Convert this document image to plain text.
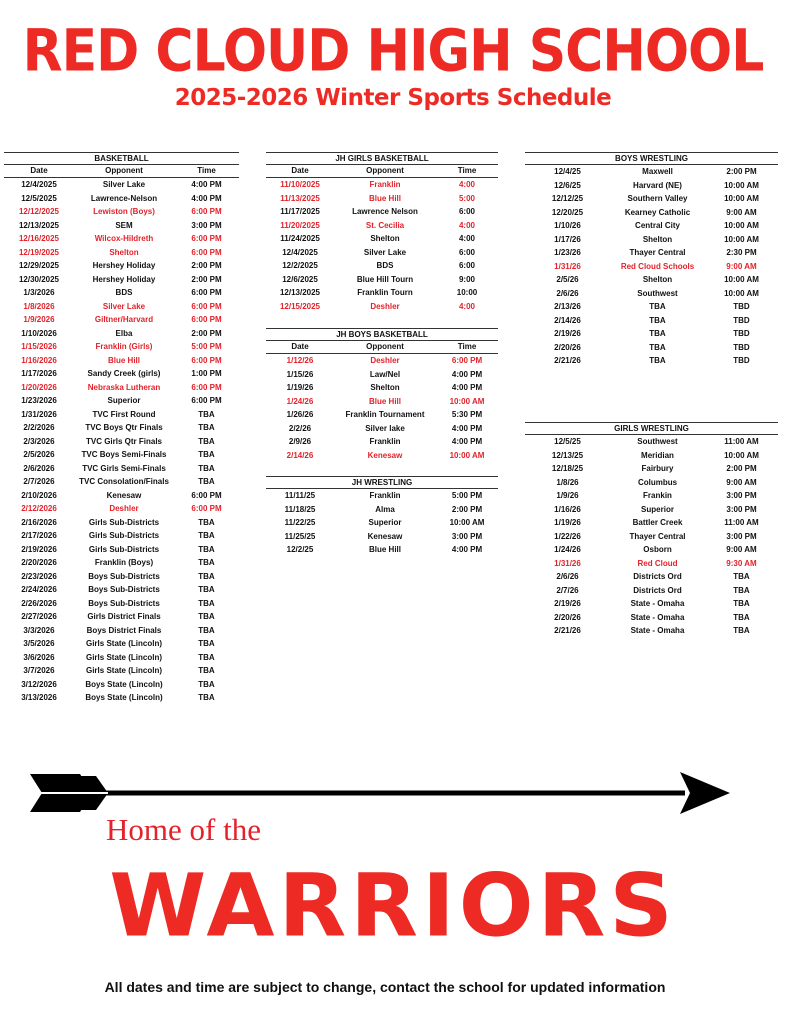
RED CLOUD HIGH SCHOOL
2025-2026 Winter Sports Schedule
BASKETBALL
Date	Opponent	Time
12/4/2025	Silver Lake	4:00 PM
12/5/2025	Lawrence-Nelson	4:00 PM
12/12/2025	Lewiston (Boys)	6:00 PM
12/13/2025	SEM	3:00 PM
12/16/2025	Wilcox-Hildreth	6:00 PM
12/19/2025	Shelton	6:00 PM
12/29/2025	Hershey Holiday	2:00 PM
12/30/2025	Hershey Holiday	2:00 PM
1/3/2026	BDS	6:00 PM
1/8/2026	Silver Lake	6:00 PM
1/9/2026	Giltner/Harvard	6:00 PM
1/10/2026	Elba	2:00 PM
1/15/2026	Franklin (Girls)	5:00 PM
1/16/2026	Blue Hill	6:00 PM
1/17/2026	Sandy Creek (girls)	1:00 PM
1/20/2026	Nebraska Lutheran	6:00 PM
1/23/2026	Superior	6:00 PM
1/31/2026	TVC First Round	TBA
2/2/2026	TVC Boys Qtr Finals	TBA
2/3/2026	TVC Girls Qtr Finals	TBA
2/5/2026	TVC Boys Semi-Finals	TBA
2/6/2026	TVC Girls Semi-Finals	TBA
2/7/2026	TVC Consolation/Finals	TBA
2/10/2026	Kenesaw	6:00 PM
2/12/2026	Deshler	6:00 PM
2/16/2026	Girls Sub-Districts	TBA
2/17/2026	Girls Sub-Districts	TBA
2/19/2026	Girls Sub-Districts	TBA
2/20/2026	Franklin (Boys)	TBA
2/23/2026	Boys Sub-Districts	TBA
2/24/2026	Boys Sub-Districts	TBA
2/26/2026	Boys Sub-Districts	TBA
2/27/2026	Girls District Finals	TBA
3/3/2026	Boys District Finals	TBA
3/5/2026	Girls State (Lincoln)	TBA
3/6/2026	Girls State (Lincoln)	TBA
3/7/2026	Girls State (Lincoln)	TBA
3/12/2026	Boys State (Lincoln)	TBA
3/13/2026	Boys State (Lincoln)	TBA
JH GIRLS BASKETBALL
Date	Opponent	Time
11/10/2025	Franklin	4:00
11/13/2025	Blue Hill	5:00
11/17/2025	Lawrence Nelson	6:00
11/20/2025	St. Cecilia	4:00
11/24/2025	Shelton	4:00
12/4/2025	Silver Lake	6:00
12/2/2025	BDS	6:00
12/6/2025	Blue Hill Tourn	9:00
12/13/2025	Franklin Tourn	10:00
12/15/2025	Deshler	4:00
JH BOYS BASKETBALL
Date	Opponent	Time
1/12/26	Deshler	6:00 PM
1/15/26	Law/Nel	4:00 PM
1/19/26	Shelton	4:00 PM
1/24/26	Blue Hill	10:00 AM
1/26/26	Franklin Tournament	5:30 PM
2/2/26	Silver lake	4:00 PM
2/9/26	Franklin	4:00 PM
2/14/26	Kenesaw	10:00 AM
JH WRESTLING
11/11/25	Franklin	5:00 PM
11/18/25	Alma	2:00 PM
11/22/25	Superior	10:00 AM
11/25/25	Kenesaw	3:00 PM
12/2/25	Blue Hill	4:00 PM
BOYS WRESTLING
12/4/25	Maxwell	2:00 PM
12/6/25	Harvard (NE)	10:00 AM
12/12/25	Southern Valley	10:00 AM
12/20/25	Kearney Catholic	9:00 AM
1/10/26	Central City	10:00 AM
1/17/26	Shelton	10:00 AM
1/23/26	Thayer Central	2:30 PM
1/31/26	Red Cloud Schools	9:00 AM
2/5/26	Shelton	10:00 AM
2/6/26	Southwest	10:00 AM
2/13/26	TBA	TBD
2/14/26	TBA	TBD
2/19/26	TBA	TBD
2/20/26	TBA	TBD
2/21/26	TBA	TBD
GIRLS WRESTLING
12/5/25	Southwest	11:00 AM
12/13/25	Meridian	10:00 AM
12/18/25	Fairbury	2:00 PM
1/8/26	Columbus	9:00 AM
1/9/26	Frankin	3:00 PM
1/16/26	Superior	3:00 PM
1/19/26	Battler Creek	11:00 AM
1/22/26	Thayer Central	3:00 PM
1/24/26	Osborn	9:00 AM
1/31/26	Red Cloud	9:30 AM
2/6/26	Districts Ord	TBA
2/7/26	Districts Ord	TBA
2/19/26	State - Omaha	TBA
2/20/26	State - Omaha	TBA
2/21/26	State - Omaha	TBA
Home of the
WARRIORS
All dates and time are subject to change, contact the school for updated information
